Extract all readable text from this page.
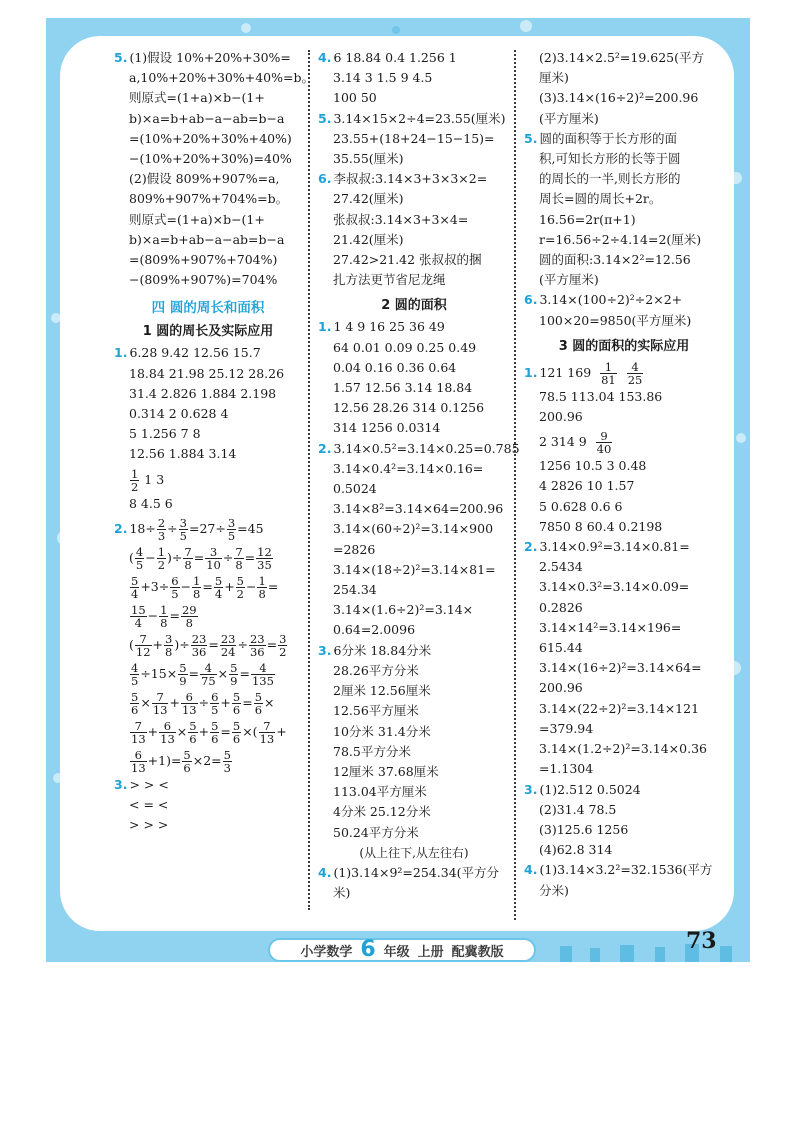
5. (1)假设 10%+20%+30%=
a,10%+20%+30%+40%=b。
则原式=(1+a)×b−(1+
b)×a=b+ab−a−ab=b−a
=(10%+20%+30%+40%)
−(10%+20%+30%)=40%
(2)假设 809%+907%=a,
809%+907%+704%=b。
则原式=(1+a)×b−(1+
b)×a=b+ab−a−ab=b−a
=(809%+907%+704%)
−(809%+907%)=704%
四 圆的周长和面积
1 圆的周长及实际应用
1. 6.28 9.42 12.56 15.7
18.84 21.98 25.12 28.26
31.4 2.826 1.884 2.198
0.314 2 0.628 4
5 1.256 7 8
12.56 1.884 3.14
$\frac{1}{2} 1$ 3
8 4.5 6
2. $18\div \frac{2}{3} \div \frac{3}{5} =27\div \frac{3}{5} =45$
( $\frac{4}{5} - \frac{1}{2}$ )÷ $\frac{7}{8} = \frac{3}{10} \div \frac{7}{8} = \frac{12}{35}$
$\frac{5}{4} +3\div \frac{6}{5} - \frac{1}{8} = \frac{5}{4} + \frac{5}{2} - \frac{1}{8}$ =
$\frac{15}{4} - \frac{1}{8} = \frac{29}{8}$
( $\frac{7}{12} + \frac{3}{8}$ )÷ $\frac{23}{36} = \frac{23}{24} \div \frac{23}{36} = \frac{3}{2}$
$\frac{4}{5} \div 15\times \frac{5}{9} = \frac{4}{75} \times \frac{5}{9} = \frac{4}{135}$
$\frac{5}{6} \times \frac{7}{13} + \frac{6}{13} \div \frac{6}{5} + \frac{5}{6} = \frac{5}{6}$ ×
$\frac{7}{13} + \frac{6}{13} \times \frac{5}{6} + \frac{5}{6} = \frac{5}{6}$ ×( $\frac{7}{13}$ +
$\frac{6}{13} +1)= \frac{5}{6} \times 2= \frac{5}{3}$
3. > > <
< = <
> > >
4. 6 18.84 0.4 1.256 1
3.14 3 1.5 9 4.5
100 50
5. 3.14×15×2÷4=23.55(厘米)
23.55+(18+24−15−15)=
35.55(厘米)
6. 李叔叔:3.14×3+3×3×2=
27.42(厘米)
张叔叔:3.14×3+3×4=
21.42(厘米)
27.42>21.42 张叔叔的捆
扎方法更节省尼龙绳
2 圆的面积
1. 1 4 9 16 25 36 49
64 0.01 0.09 0.25 0.49
0.04 0.16 0.36 0.64
1.57 12.56 3.14 18.84
12.56 28.26 314 0.1256
314 1256 0.0314
2. 3.14×0.5²=3.14×0.25=0.785
3.14×0.4²=3.14×0.16=
0.5024
3.14×8²=3.14×64=200.96
3.14×(60÷2)²=3.14×900
=2826
3.14×(18÷2)²=3.14×81=
254.34
3.14×(1.6÷2)²=3.14×
0.64=2.0096
3. 6分米 18.84分米
28.26平方分米
2厘米 12.56厘米
12.56平方厘米
10分米 31.4分米
78.5平方分米
12厘米 37.68厘米
113.04平方厘米
4分米 25.12分米
50.24平方分米
(从上往下,从左往右)
4. (1)3.14×9²=254.34(平方分
米)
(2)3.14×2.5²=19.625(平方
厘米)
(3)3.14×(16÷2)²=200.96
(平方厘米)
5. 圆的面积等于长方形的面
积,可知长方形的长等于圆
的周长的一半,则长方形的
周长=圆的周长+2r。
16.56=2r(π+1)
r=16.56÷2÷4.14=2(厘米)
圆的面积:3.14×2²=12.56
(平方厘米)
6. 3.14×(100÷2)²÷2×2+
100×20=9850(平方厘米)
3 圆的面积的实际应用
1. 121 $169 \frac{1}{81}$
$\frac{4}{25}$
78.5 113.04 153.86
200.96
2 314 $9 \frac{9}{40}$
1256 10.5 3 0.48
4 2826 10 1.57
5 0.628 0.6 6
7850 8 60.4 0.2198
2. 3.14×0.9²=3.14×0.81=
2.5434
3.14×0.3²=3.14×0.09=
0.2826
3.14×14²=3.14×196=
615.44
3.14×(16÷2)²=3.14×64=
200.96
3.14×(22÷2)²=3.14×121
=379.94
3.14×(1.2÷2)²=3.14×0.36
=1.1304
3. (1)2.512 0.5024
(2)31.4 78.5
(3)125.6 1256
(4)62.8 314
4. (1)3.14×3.2²=32.1536(平方
分米)
小学数学 6 年级 上册 配冀教版	73
